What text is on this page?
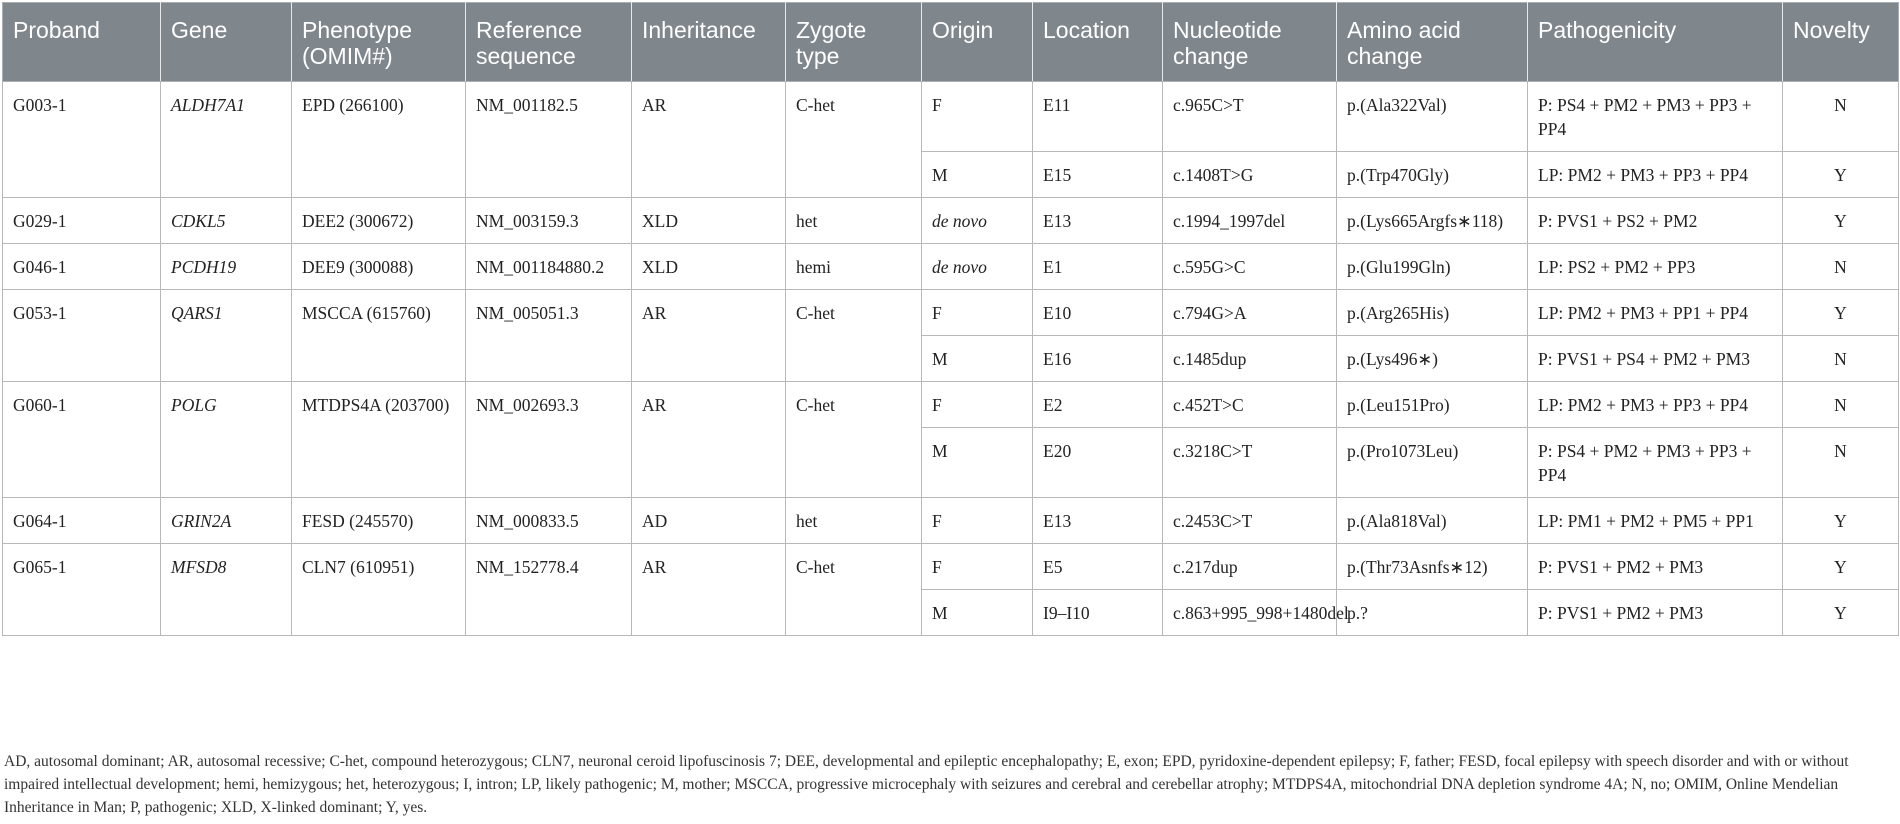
Proband	Gene	Phenotype (OMIM#)	Reference sequence	Inheritance	Zygote type	Origin	Location	Nucleotide change	Amino acid change	Pathogenicity	Novelty
G003-1	ALDH7A1	EPD (266100)	NM_001182.5	AR	C-het	F	E11	c.965C>T	p.(Ala322Val)	P: PS4 + PM2 + PM3 + PP3 + PP4	N
						M	E15	c.1408T>G	p.(Trp470Gly)	LP: PM2 + PM3 + PP3 + PP4	Y
G029-1	CDKL5	DEE2 (300672)	NM_003159.3	XLD	het	de novo	E13	c.1994_1997del	p.(Lys665Argfs∗118)	P: PVS1 + PS2 + PM2	Y
G046-1	PCDH19	DEE9 (300088)	NM_001184880.2	XLD	hemi	de novo	E1	c.595G>C	p.(Glu199Gln)	LP: PS2 + PM2 + PP3	N
G053-1	QARS1	MSCCA (615760)	NM_005051.3	AR	C-het	F	E10	c.794G>A	p.(Arg265His)	LP: PM2 + PM3 + PP1 + PP4	Y
						M	E16	c.1485dup	p.(Lys496∗)	P: PVS1 + PS4 + PM2 + PM3	N
G060-1	POLG	MTDPS4A (203700)	NM_002693.3	AR	C-het	F	E2	c.452T>C	p.(Leu151Pro)	LP: PM2 + PM3 + PP3 + PP4	N
						M	E20	c.3218C>T	p.(Pro1073Leu)	P: PS4 + PM2 + PM3 + PP3 + PP4	N
G064-1	GRIN2A	FESD (245570)	NM_000833.5	AD	het	F	E13	c.2453C>T	p.(Ala818Val)	LP: PM1 + PM2 + PM5 + PP1	Y
G065-1	MFSD8	CLN7 (610951)	NM_152778.4	AR	C-het	F	E5	c.217dup	p.(Thr73Asnfs∗12)	P: PVS1 + PM2 + PM3	Y
						M	I9–I10	c.863+995_998+1480del	p.?	P: PVS1 + PM2 + PM3	Y
AD, autosomal dominant; AR, autosomal recessive; C-het, compound heterozygous; CLN7, neuronal ceroid lipofuscinosis 7; DEE, developmental and epileptic encephalopathy; E, exon; EPD, pyridoxine-dependent epilepsy; F, father; FESD, focal epilepsy with speech disorder and with or without impaired intellectual development; hemi, hemizygous; het, heterozygous; I, intron; LP, likely pathogenic; M, mother; MSCCA, progressive microcephaly with seizures and cerebral and cerebellar atrophy; MTDPS4A, mitochondrial DNA depletion syndrome 4A; N, no; OMIM, Online Mendelian Inheritance in Man; P, pathogenic; XLD, X-linked dominant; Y, yes.
